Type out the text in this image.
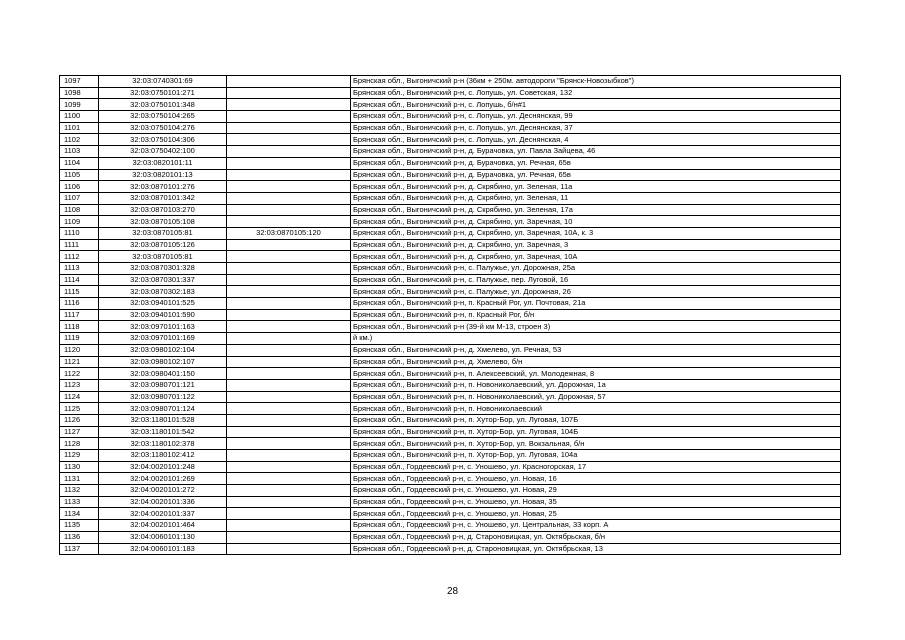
1097	32:03:0740301:69		Брянская обл., Выгоничский р-н (36км + 250м. автодороги "Брянск-Новозыбков")
1098	32:03:0750101:271		Брянская обл., Выгоничский р-н, с. Лопушь, ул. Советская, 132
1099	32:03:0750101:348		Брянская обл., Выгоничский р-н, с. Лопушь, б/н#1
1100	32:03:0750104:265		Брянская обл., Выгоничский р-н, с. Лопушь, ул. Деснянская, 99
1101	32:03:0750104:276		Брянская обл., Выгоничский р-н, с. Лопушь, ул. Деснянская, 37
1102	32:03:0750104:306		Брянская обл., Выгоничский р-н, с. Лопушь, ул. Деснянская, 4
1103	32:03:0750402:100		Брянская обл., Выгоничский р-н, д. Бурачовка, ул. Павла Зайцева, 46
1104	32:03:0820101:11		Брянская обл., Выгоничский р-н, д. Бурачовка, ул. Речная, 65в
1105	32:03:0820101:13		Брянская обл., Выгоничский р-н, д. Бурачовка, ул. Речная, 65в
1106	32:03:0870101:276		Брянская обл., Выгоничский р-н, д. Скрябино, ул. Зеленая, 11а
1107	32:03:0870101:342		Брянская обл., Выгоничский р-н, д. Скрябино, ул. Зеленая, 11
1108	32:03:0870103:270		Брянская обл., Выгоничский р-н, д. Скрябино, ул. Зеленая, 17а
1109	32:03:0870105:108		Брянская обл., Выгоничский р-н, д. Скрябино, ул. Заречная, 10
1110	32:03:0870105:81	32:03:0870105:120	Брянская обл., Выгоничский р-н, д. Скрябино, ул. Заречная, 10А, к. 3
1111	32:03:0870105:126		Брянская обл., Выгоничский р-н, д. Скрябино, ул. Заречная, 3
1112	32:03:0870105:81		Брянская обл., Выгоничский р-н, д. Скрябино, ул. Заречная, 10А
1113	32:03:0870301:328		Брянская обл., Выгоничский р-н, с. Палужье, ул. Дорожная, 25а
1114	32:03:0870301:337		Брянская обл., Выгоничский р-н, с. Палужье, пер. Луговой, 16
1115	32:03:0870302:183		Брянская обл., Выгоничский р-н, с. Палужье, ул. Дорожная, 26
1116	32:03:0940101:525		Брянская обл., Выгоничский р-н, п. Красный Рог, ул. Почтовая, 21а
1117	32:03:0940101:590		Брянская обл., Выгоничский р-н, п. Красный Рог, б/н
1118	32:03:0970101:163		Брянская обл., Выгоничский р-н (39-й км М-13, строен 3)
1119	32:03:0970101:169		й км.)
1120	32:03:0980102:104		Брянская обл., Выгоничский р-н, д. Хмелево, ул. Речная, 53
1121	32:03:0980102:107		Брянская обл., Выгоничский р-н, д. Хмелево, б/н
1122	32:03:0980401:150		Брянская обл., Выгоничский р-н, п. Алексеевский, ул. Молодежная, 8
1123	32:03:0980701:121		Брянская обл., Выгоничский р-н, п. Новониколаевский, ул. Дорожная, 1а
1124	32:03:0980701:122		Брянская обл., Выгоничский р-н, п. Новониколаевский, ул. Дорожная, 57
1125	32:03:0980701:124		Брянская обл., Выгоничский р-н, п. Новониколаевский
1126	32:03:1180101:528		Брянская обл., Выгоничский р-н, п. Хутор-Бор, ул. Луговая, 107Б
1127	32:03:1180101:542		Брянская обл., Выгоничский р-н, п. Хутор-Бор, ул. Луговая, 104Б
1128	32:03:1180102:378		Брянская обл., Выгоничский р-н, п. Хутор-Бор, ул. Вокзальная, б/н
1129	32:03:1180102:412		Брянская обл., Выгоничский р-н, п. Хутор-Бор, ул. Луговая, 104а
1130	32:04:0020101:248		Брянская обл., Гордеевский р-н, с. Уношево, ул. Красногорская, 17
1131	32:04:0020101:269		Брянская обл., Гордеевский р-н, с. Уношево, ул. Новая, 16
1132	32:04:0020101:272		Брянская обл., Гордеевский р-н, с. Уношево, ул. Новая, 29
1133	32:04:0020101:336		Брянская обл., Гордеевский р-н, с. Уношево, ул. Новая, 35
1134	32:04:0020101:337		Брянская обл., Гордеевский р-н, с. Уношево, ул. Новая, 25
1135	32:04:0020101:464		Брянская обл., Гордеевский р-н, с. Уношево, ул. Центральная, 33 корп. А
1136	32:04:0060101:130		Брянская обл., Гордеевский р-н, д. Староновицкая, ул. Октябрьская, б/н
1137	32:04:0060101:183		Брянская обл., Гордеевский р-н, д. Староновицкая, ул. Октябрьская, 13
28
